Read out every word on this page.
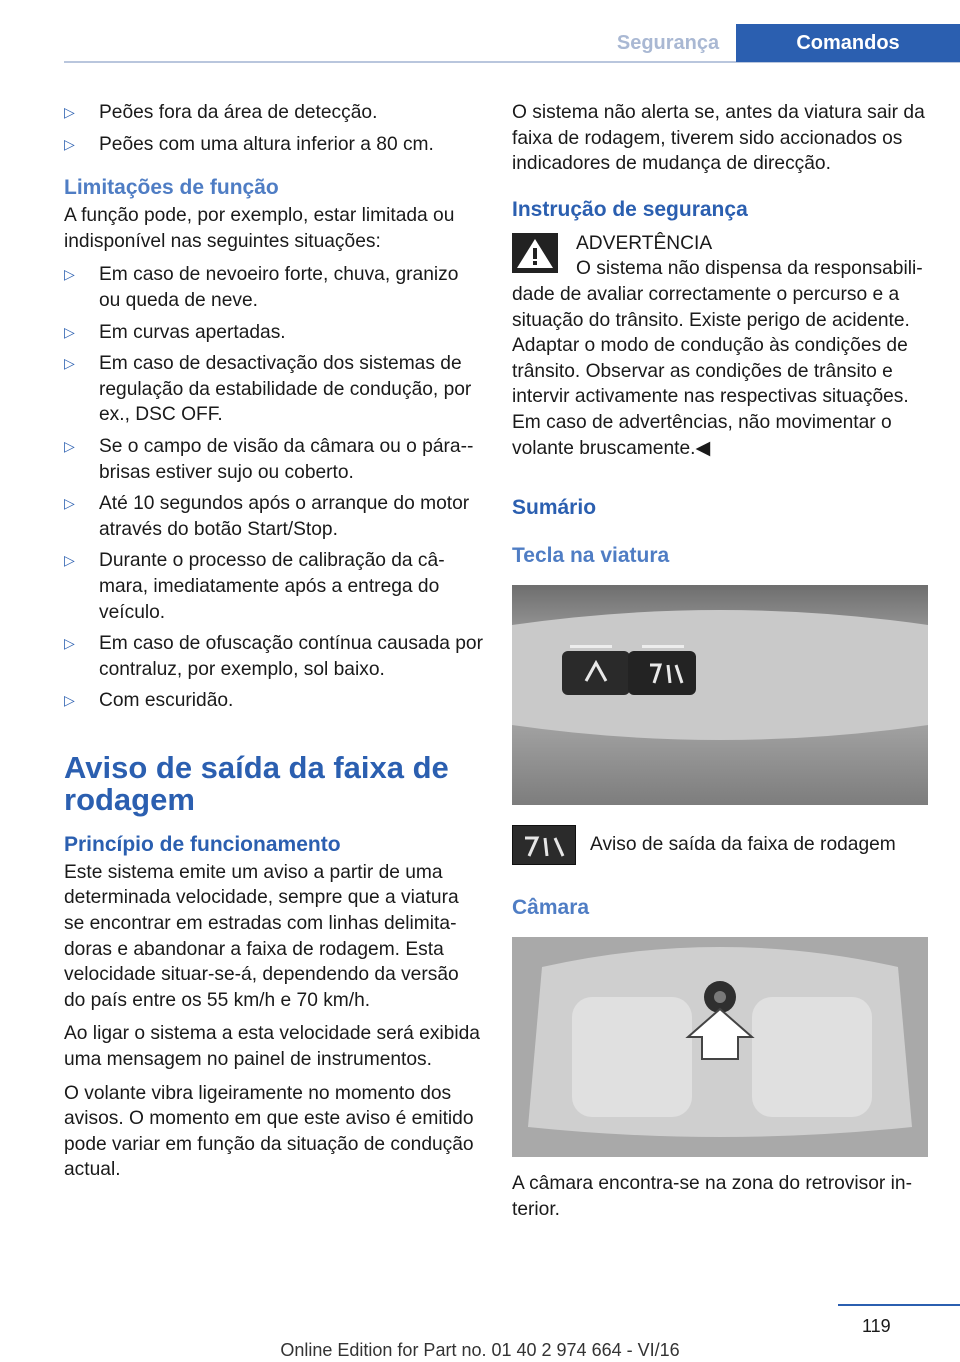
Segurança	Comandos
▷ Peões fora da área de detecção.
▷ Peões com uma altura inferior a 80 cm.
Limitações de função

A função pode, por exemplo, estar limitada ou indisponível nas seguintes situações:

▷ Em caso de nevoeiro forte, chuva, granizo ou queda de neve.
▷ Em curvas apertadas.
▷ Em caso de desactivação dos sistemas de regulação da estabilidade de condução, por ex., DSC OFF.
▷ Se o campo de visão da câmara ou o pára--brisas estiver sujo ou coberto.
▷ Até 10 segundos após o arranque do motor através do botão Start/Stop.
▷ Durante o processo de calibração da câmara, imediatamente após a entrega do veículo.
▷ Em caso de ofuscação contínua causada por contraluz, por exemplo, sol baixo.
▷ Com escuridão.
Aviso de saída da faixa de rodagem
Princípio de funcionamento

Este sistema emite um aviso a partir de uma determinada velocidade, sempre que a viatura se encontrar em estradas com linhas delimitadoras e abandonar a faixa de rodagem. Esta velocidade situar-se-á, dependendo da versão do país entre os 55 km/h e 70 km/h.

Ao ligar o sistema a esta velocidade será exibida uma mensagem no painel de instrumentos.

O volante vibra ligeiramente no momento dos avisos. O momento em que este aviso é emitido pode variar em função da situação de condução actual.

O sistema não alerta se, antes da viatura sair da faixa de rodagem, tiverem sido accionados os indicadores de mudança de direcção.

Instrução de segurança

ADVERTÊNCIA

O sistema não dispensa da responsabilidade de avaliar correctamente o percurso e a situação do trânsito. Existe perigo de acidente. Adaptar o modo de condução às condições de trânsito. Observar as condições de trânsito e intervir activamente nas respectivas situações. Em caso de advertências, não movimentar o volante bruscamente.◀

Sumário
Tecla na viatura
Aviso de saída da faixa de rodagem
Câmara

A câmara encontra-se na zona do retrovisor interior.

119
Online Edition for Part no. 01 40 2 974 664 - VI/16
